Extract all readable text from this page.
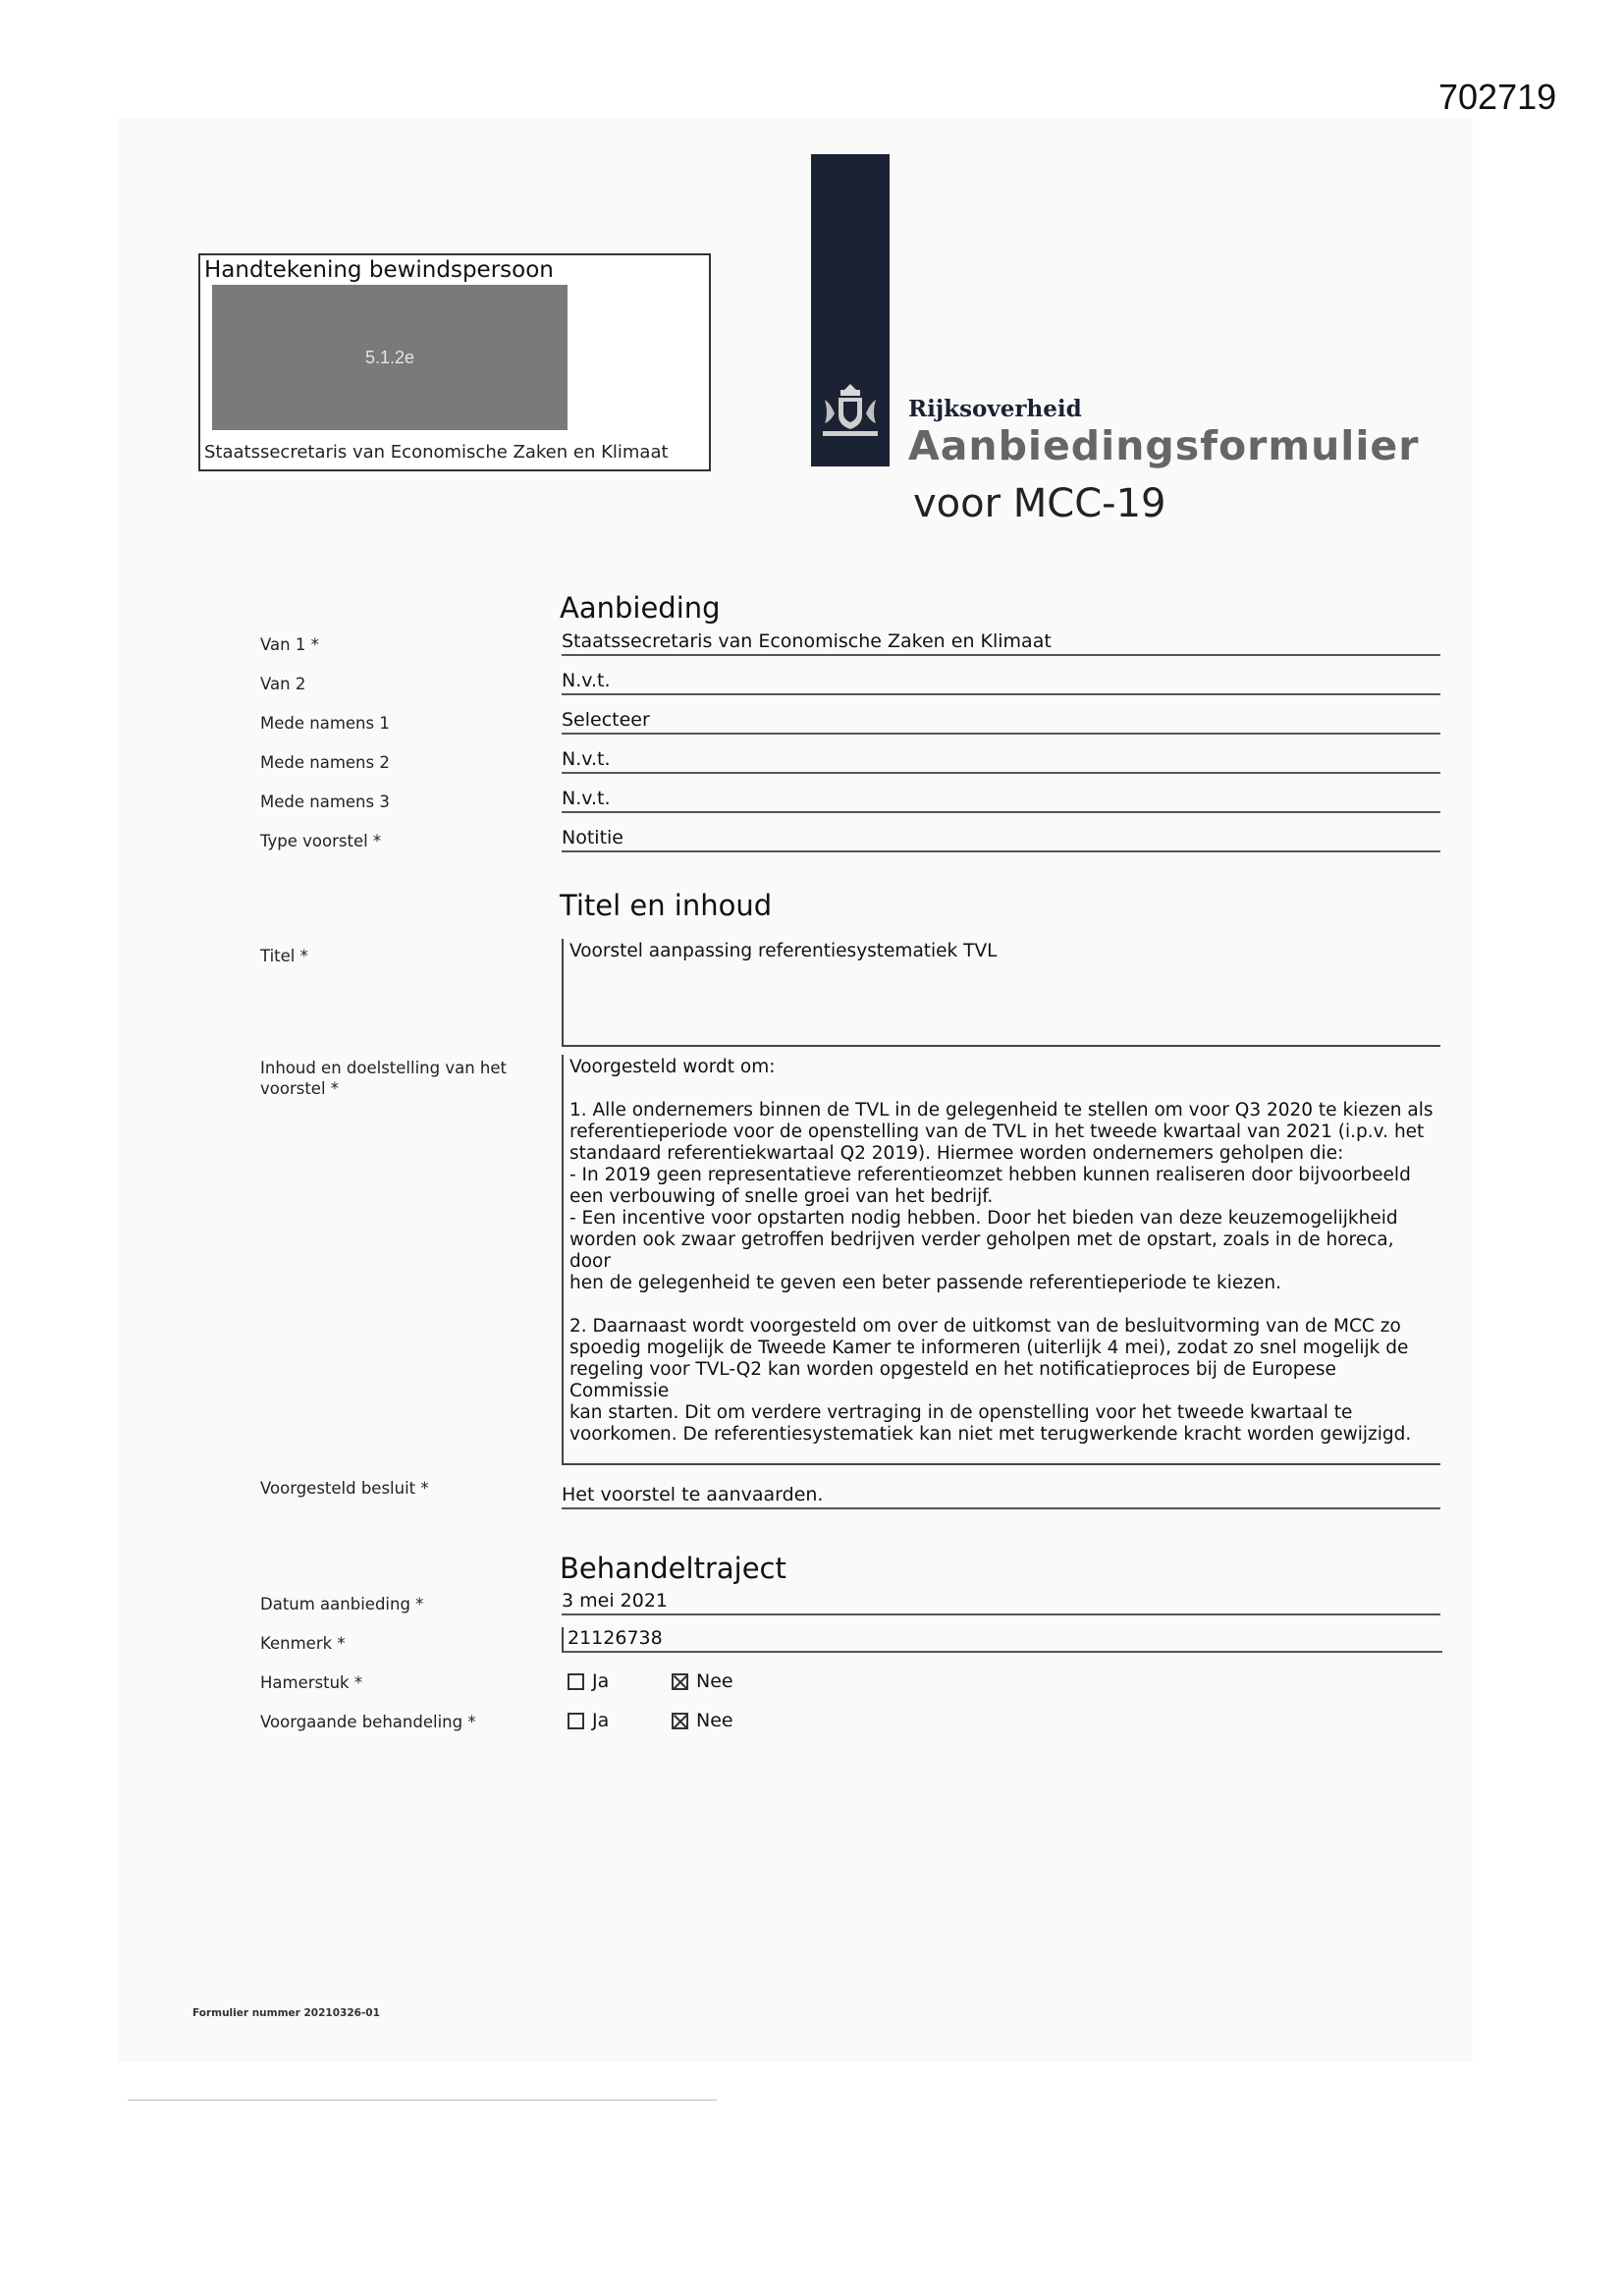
702719
Handtekening bewindspersoon
5.1.2e
Staatssecretaris van Economische Zaken en Klimaat
Rijksoverheid
Aanbiedingsformulier
voor MCC-19
Aanbieding
Van 1 *	Staatssecretaris van Economische Zaken en Klimaat
Van 2	N.v.t.
Mede namens 1	Selecteer
Mede namens 2	N.v.t.
Mede namens 3	N.v.t.
Type voorstel *	Notitie
Titel en inhoud
Titel *	Voorstel aanpassing referentiesystematiek TVL
Inhoud en doelstelling van het voorstel *

Voorgesteld wordt om:

1. Alle ondernemers binnen de TVL in de gelegenheid te stellen om voor Q3 2020 te kiezen als

referentieperiode voor de openstelling van de TVL in het tweede kwartaal van 2021 (i.p.v. het

standaard referentiekwartaal Q2 2019). Hiermee worden ondernemers geholpen die:

- In 2019 geen representatieve referentieomzet hebben kunnen realiseren door bijvoorbeeld

een verbouwing of snelle groei van het bedrijf.

- Een incentive voor opstarten nodig hebben. Door het bieden van deze keuzemogelijkheid

worden ook zwaar getroffen bedrijven verder geholpen met de opstart, zoals in de horeca, door

hen de gelegenheid te geven een beter passende referentieperiode te kiezen.

2. Daarnaast wordt voorgesteld om over de uitkomst van de besluitvorming van de MCC zo

spoedig mogelijk de Tweede Kamer te informeren (uiterlijk 4 mei), zodat zo snel mogelijk de

regeling voor TVL-Q2 kan worden opgesteld en het notificatieproces bij de Europese Commissie

kan starten. Dit om verdere vertraging in de openstelling voor het tweede kwartaal te

voorkomen. De referentiesystematiek kan niet met terugwerkende kracht worden gewijzigd.

Voorgesteld besluit *	Het voorstel te aanvaarden.
Behandeltraject
Datum aanbieding *	3 mei 2021
Kenmerk *	21126738
Hamerstuk *	Ja	Nee
Voorgaande behandeling *	Ja	Nee
Formulier nummer 20210326-01
